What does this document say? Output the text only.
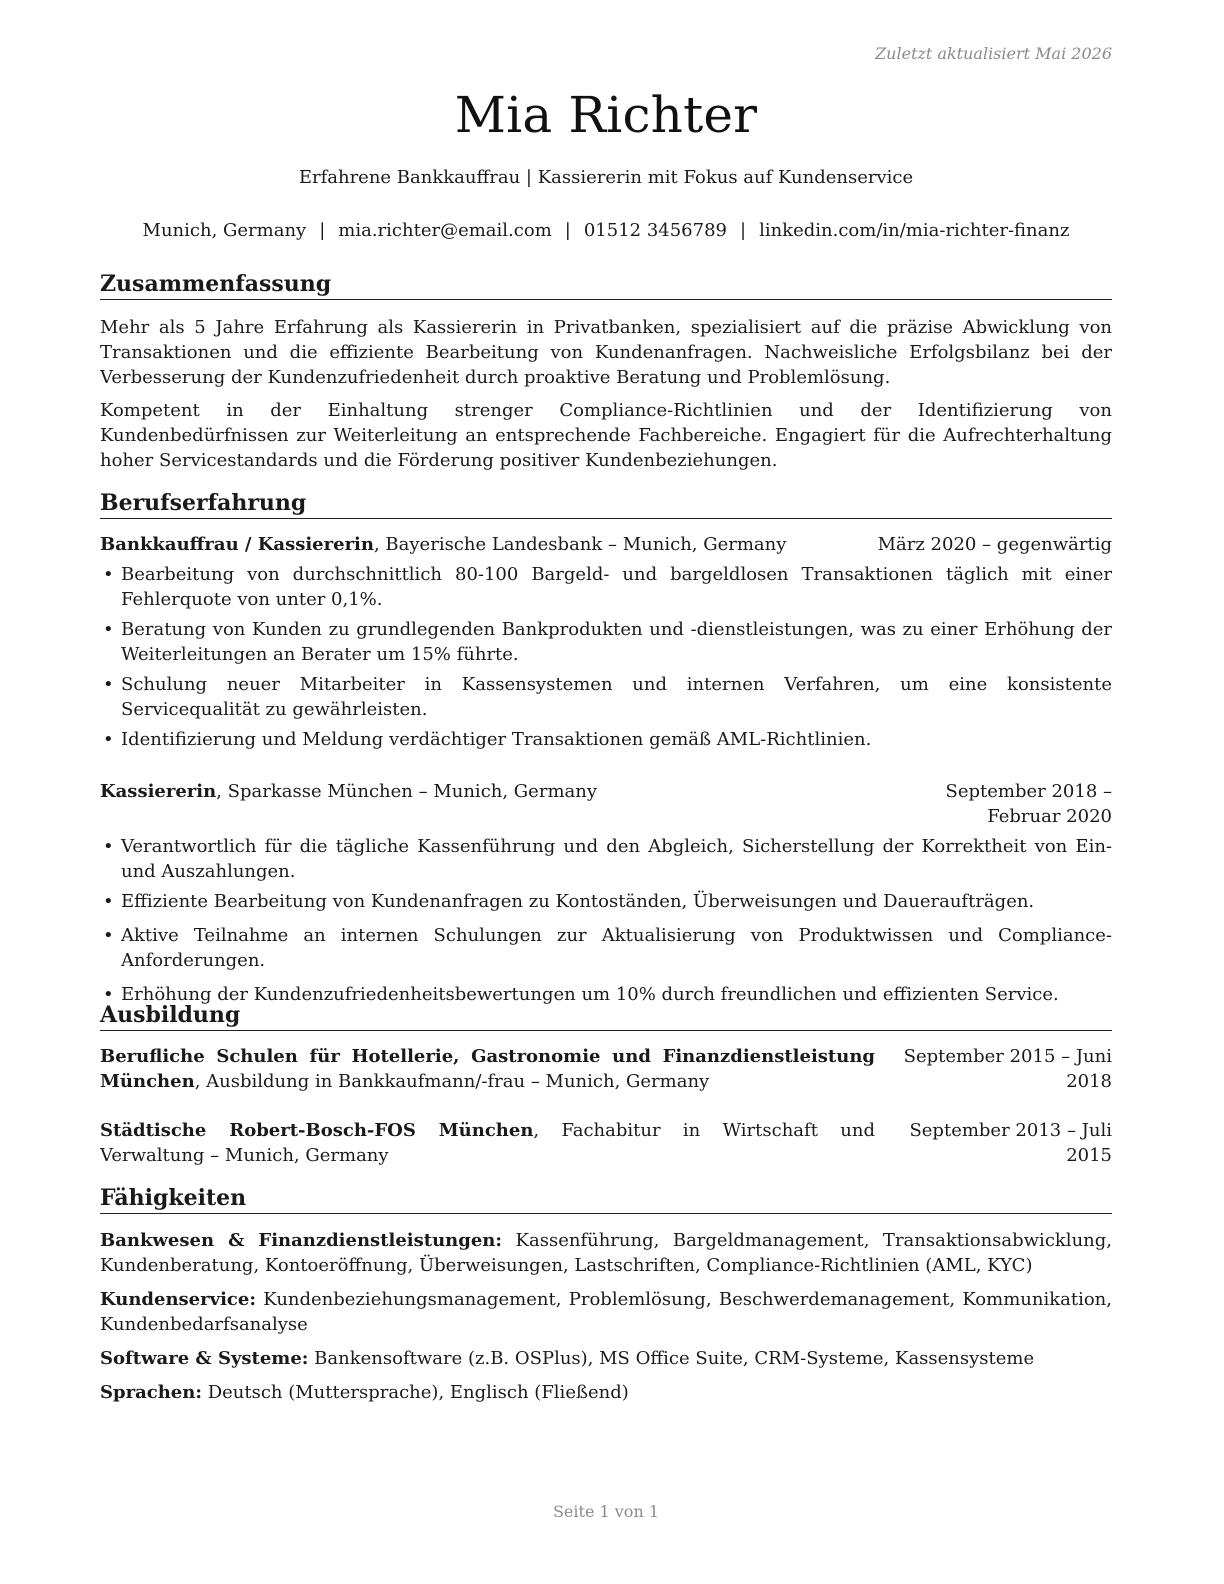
Zuletzt aktualisiert Mai 2026
Mia Richter
Erfahrene Bankkauffrau | Kassiererin mit Fokus auf Kundenservice
Munich, Germany | mia.richter@email.com | 01512 3456789 | linkedin.com/in/mia-richter-finanz
Zusammenfassung

Mehr als 5 Jahre Erfahrung als Kassiererin in Privatbanken, spezialisiert auf die präzise Abwicklung von Transaktionen und die effiziente Bearbeitung von Kundenanfragen. Nachweisliche Erfolgsbilanz bei der Verbesserung der Kundenzufriedenheit durch proaktive Beratung und Problemlösung.

Kompetent in der Einhaltung strenger Compliance-Richtlinien und der Identifizierung von Kundenbedürfnissen zur Weiterleitung an entsprechende Fachbereiche. Engagiert für die Aufrechterhaltung hoher Servicestandards und die Förderung positiver Kundenbeziehungen.

Berufserfahrung
Bankkauffrau / Kassiererin, Bayerische Landesbank – Munich, Germany	März 2020 – gegenwärtig
• Bearbeitung von durchschnittlich 80-100 Bargeld- und bargeldlosen Transaktionen täglich mit einer Fehlerquote von unter 0,1%.
• Beratung von Kunden zu grundlegenden Bankprodukten und -dienstleistungen, was zu einer Erhöhung der Weiterleitungen an Berater um 15% führte.
• Schulung neuer Mitarbeiter in Kassensystemen und internen Verfahren, um eine konsistente Servicequalität zu gewährleisten.
• Identifizierung und Meldung verdächtiger Transaktionen gemäß AML-Richtlinien.
Kassiererin, Sparkasse München – Munich, Germany	September 2018 – Februar 2020
• Verantwortlich für die tägliche Kassenführung und den Abgleich, Sicherstellung der Korrektheit von Ein- und Auszahlungen.
• Effiziente Bearbeitung von Kundenanfragen zu Kontoständen, Überweisungen und Daueraufträgen.
• Aktive Teilnahme an internen Schulungen zur Aktualisierung von Produktwissen und Compliance-Anforderungen.
• Erhöhung der Kundenzufriedenheitsbewertungen um 10% durch freundlichen und effizienten Service.
Ausbildung
Berufliche Schulen für Hotellerie, Gastronomie und Finanzdienstleistung München, Ausbildung in Bankkaufmann/-frau – Munich, Germany
September 2015 – Juni 2018
Städtische Robert-Bosch-FOS München, Fachabitur in Wirtschaft und Verwaltung – Munich, Germany
September 2013 – Juli 2015
Fähigkeiten

Bankwesen & Finanzdienstleistungen: Kassenführung, Bargeldmanagement, Transaktionsabwicklung, Kundenberatung, Kontoeröffnung, Überweisungen, Lastschriften, Compliance-Richtlinien (AML, KYC)

Kundenservice: Kundenbeziehungsmanagement, Problemlösung, Beschwerdemanagement, Kommunikation, Kundenbedarfsanalyse

Software & Systeme: Bankensoftware (z.B. OSPlus), MS Office Suite, CRM-Systeme, Kassensysteme

Sprachen: Deutsch (Muttersprache), Englisch (Fließend)

Seite 1 von 1
